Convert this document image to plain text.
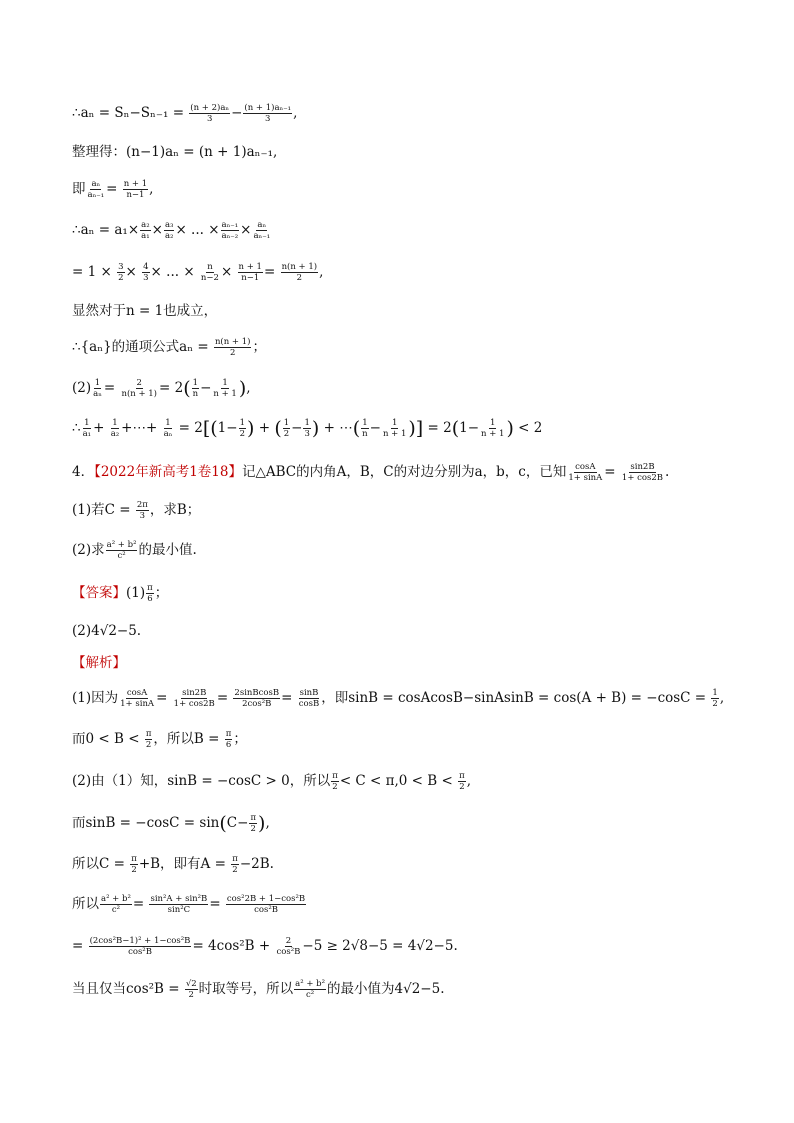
∴aₙ = $S_n-S_{n-1} = \frac{\text{(n + 2)aₙ}}{3} - \frac{\text{(n + 1)aₙ₋₁}}{3}$ ,
整理得：(n−1)aₙ = (n + 1)aₙ₋₁,
即 $\frac{\text{aₙ}}{\text{aₙ₋₁}} = \frac{n + 1}{n-1}$ ,
∴aₙ = $a_1\times \frac{\text{a₂}}{\text{a₁}} \times \frac{\text{a₃}}{\text{a₂}}$ × ... × $\frac{\text{aₙ₋₁}}{\text{aₙ₋₂}} \times \frac{\text{aₙ}}{\text{aₙ₋₁}}$
= $1 \times \frac{3}{2} \times \frac{4}{3}$ × ... × $\frac{n}{n-2} \times \frac{n + 1}{n-1} = \frac{n(n + 1)}{2}$ ,
显然对于n = 1也成立，
∴{aₙ}的通项公式$a_n = \frac{n(n + 1)}{2}$ ；
$(2) \frac{1}{\text{aₙ}} = \frac{2}{n(n + 1)} = 2( \frac{1}{n} - \frac{1}{n + 1}$ ),
∴ $\frac{1}{\text{a₁}} + \frac{1}{\text{a₂}}$ +⋯+ $\frac{1}{\text{aₙ}} = 2[(1- \frac{1}{2}$ ) + ( $\frac{1}{2} - \frac{1}{3}$ ) + ⋯( $\frac{1}{n} - \frac{1}{n + 1}$ )] = $2(1- \frac{1}{n + 1}$ ) < 2
4．【2022年新高考1卷18】记△ABC的内角A，B，C的对边分别为a，b，c，已知 $\frac{\cos A}{1+ \sin A} = \frac{\sin 2B}{1+ \cos 2B}$ .
(1)若$C = \frac{2\pi}{3}$ ，求B；
(2)求 $\frac{\text{a² + b²}}{\text{c²}}$ 的最小值.
【答案】$(1) \frac{\pi}{6}$ ；
(2)4√2−5.
【解析】
(1)因为 $\frac{\cos A}{1+ \sin A} = \frac{\sin 2B}{1+ \cos 2B} = \frac{\text{2sinBcosB}}{\text{2cos²B}} = \frac{\sin B}{\cos B}$ ，即sinB = cosAcosB−sinAsinB = $\cos(A + B) = -\cos C = \frac{1}{2}$ ,
而$0 < B < \frac{\pi}{2}$ ，所以$B = \frac{\pi}{6}$ ；
(2)由（1）知，sinB = −cosC > 0，所以 $\frac{\pi}{2} < C < \pi,0 < B < \frac{\pi}{2}$ ,
而$\sin B = -\cos C = \sin(C- \frac{\pi}{2}$ ),
所以$C = \frac{\pi}{2} +B$，即有$A = \frac{\pi}{2} -2B$.
所以 $\frac{\text{a² + b²}}{\text{c²}} = \frac{\text{sin²A + sin²B}}{\text{sin²C}} = \frac{\text{cos²2B + 1−cos²B}}{\text{cos²B}}$
= $\frac{\text{(2cos²B−1)² + 1−cos²B}}{\text{cos²B}} = 4\cos^2B + \frac{2}{\text{cos²B}} -5 \ge 2√8-5 = 4√2-5$.
当且仅当$\cos^2B = \frac{√2}{2}$ 时取等号，所以 $\frac{\text{a² + b²}}{\text{c²}}$ 的最小值为4√2−5.
